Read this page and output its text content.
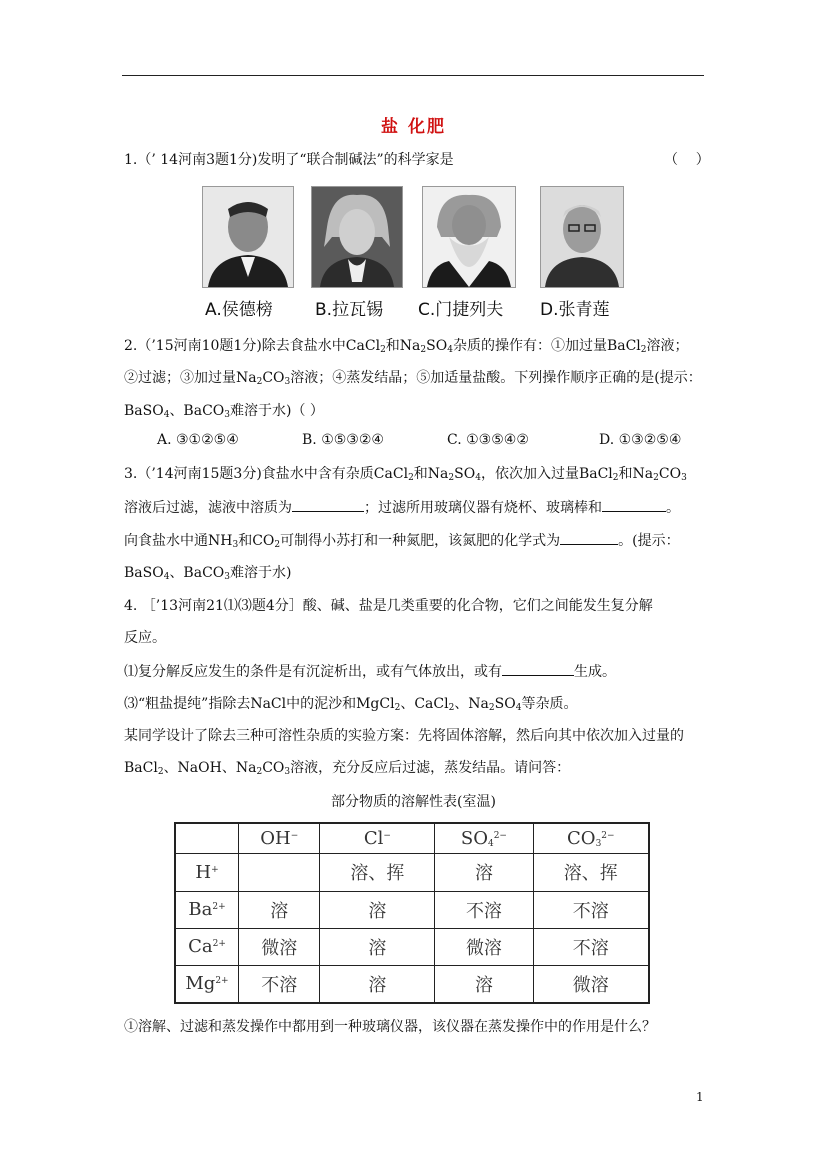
盐 化肥
1.（’ 14河南3题1分)发明了“联合制碱法”的科学家是	（    ）
A.侯德榜 B.拉瓦锡 C.门捷列夫 D.张青莲
2.（’15河南10题1分)除去食盐水中CaCl$_2$和$Na_2SO_4$杂质的操作有：①加过量BaCl$_2$溶液；
②过滤；③加过量$Na_2CO_3$溶液；④蒸发结晶；⑤加适量盐酸。下列操作顺序正确的是(提示：
BaSO$_4$、BaCO$_3$难溶于水)（ ）
A. ③①②⑤④	B. ①⑤③②④	C. ①③⑤④②	D. ①③②⑤④
3.（’14河南15题3分)食盐水中含有杂质CaCl$_2$和$Na_2SO_4$，依次加入过量BaCl$_2$和$Na_2CO_3$
溶液后过滤，滤液中溶质为	；过滤所用玻璃仪器有烧杯、玻璃棒和	。
向食盐水中通$NH_3$和$CO_2$可制得小苏打和一种氮肥，该氮肥的化学式为	。(提示：
BaSO$_4$、BaCO$_3$难溶于水)
4. ［’13河南21⑴⑶题4分］酸、碱、盐是几类重要的化合物，它们之间能发生复分解
反应。
⑴复分解反应发生的条件是有沉淀析出，或有气体放出，或有	生成。
⑶“粗盐提纯”指除去NaCl中的泥沙和MgCl$_2$、CaCl$_2$、$Na_2SO_4$等杂质。
某同学设计了除去三种可溶性杂质的实验方案：先将固体溶解，然后向其中依次加入过量的
BaCl$_2$、NaOH、$Na_2CO_3$溶液，充分反应后过滤，蒸发结晶。请问答：
部分物质的溶解性表(室温)
	OH−	Cl−	$SO_4^{2-}$	$CO_3^{2-}$
H+		溶、挥	溶	溶、挥
$Ba^{2+}$	溶	溶	不溶	不溶
$Ca^{2+}$	微溶	溶	微溶	不溶
$Mg^{2+}$	不溶	溶	溶	微溶
①溶解、过滤和蒸发操作中都用到一种玻璃仪器，该仪器在蒸发操作中的作用是什么？
1
